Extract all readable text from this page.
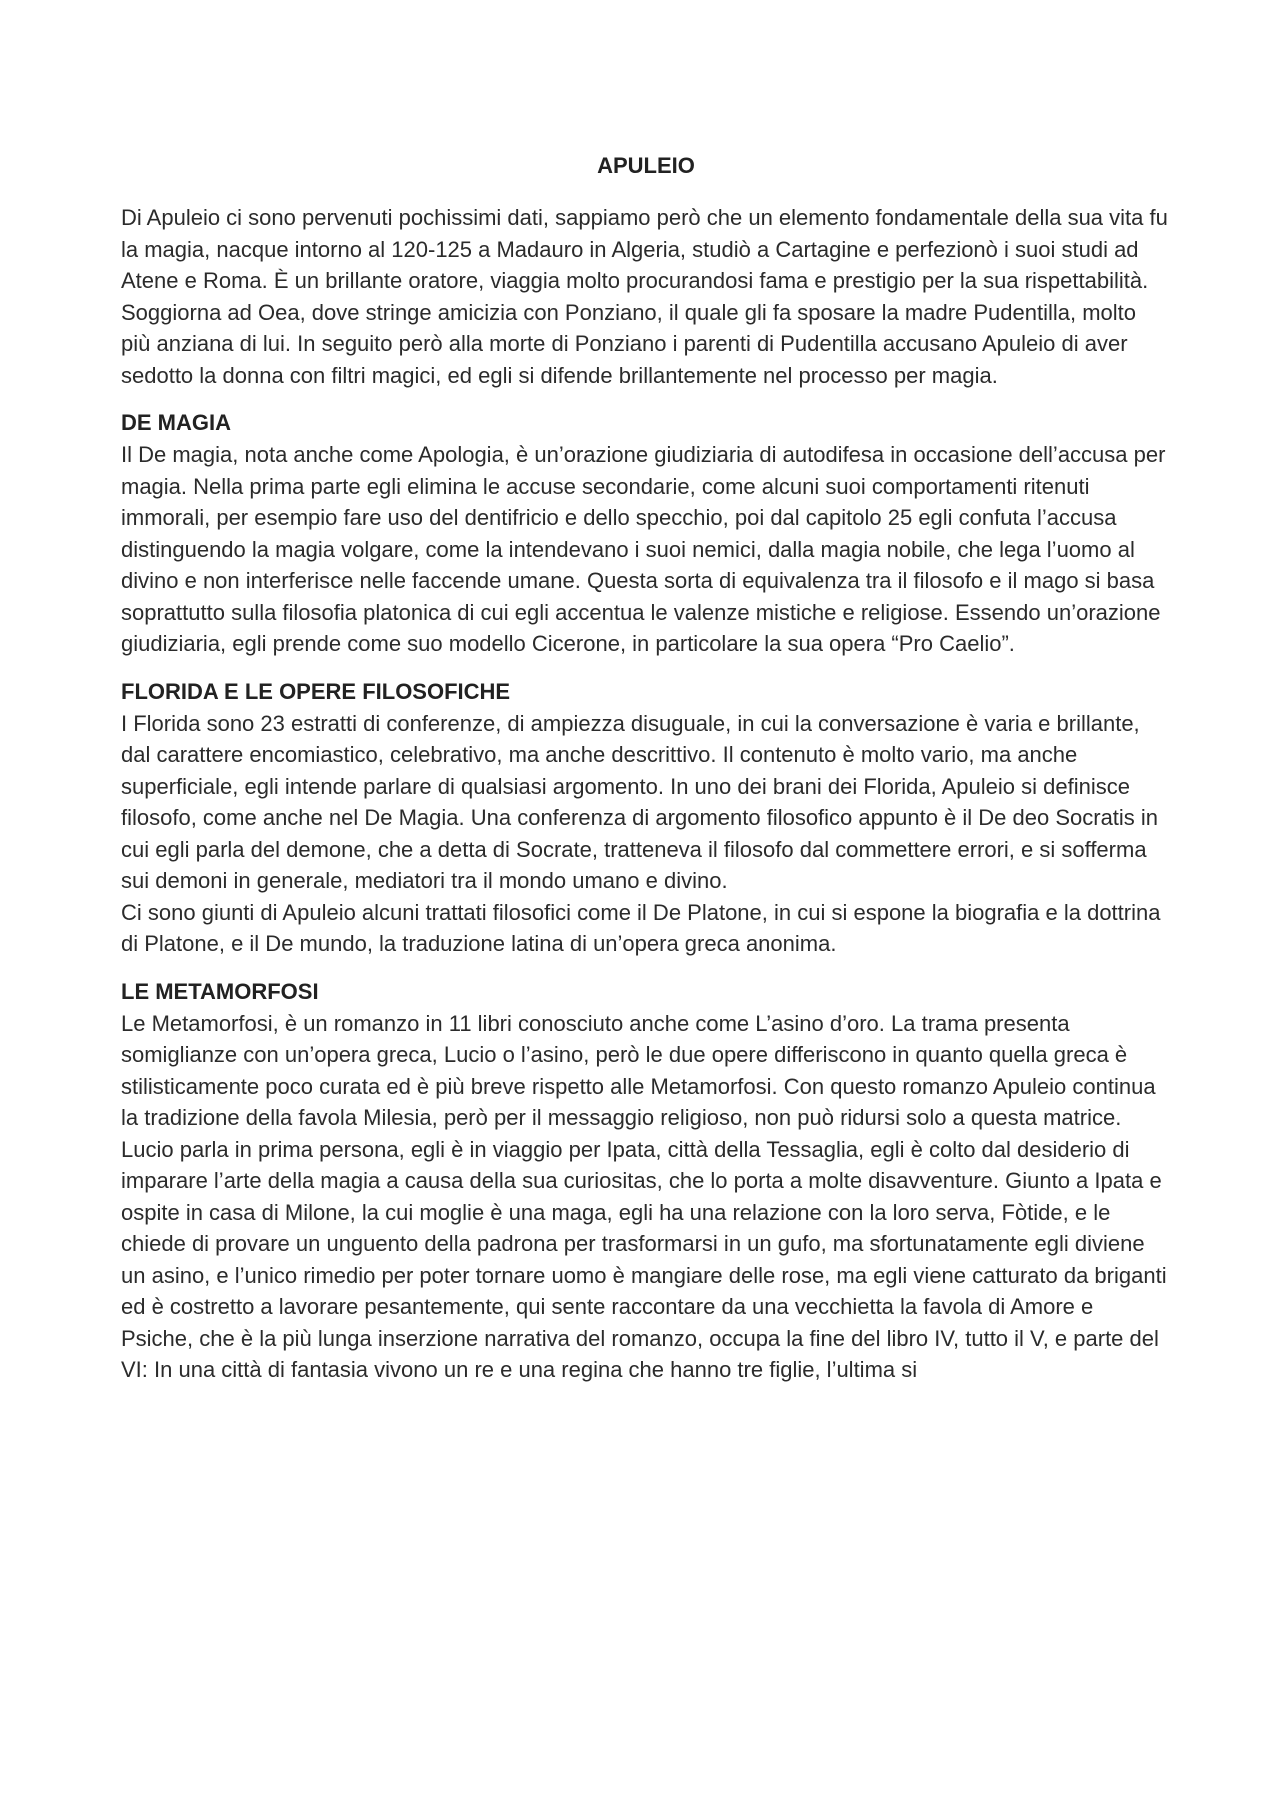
APULEIO

Di Apuleio ci sono pervenuti pochissimi dati, sappiamo però che un elemento fondamentale della sua vita fu la magia, nacque intorno al 120-125 a Madauro in Algeria, studiò a Cartagine e perfezionò i suoi studi ad Atene e Roma. È un brillante oratore, viaggia molto procurandosi fama e prestigio per la sua rispettabilità. Soggiorna ad Oea, dove stringe amicizia con Ponziano, il quale gli fa sposare la madre Pudentilla, molto più anziana di lui. In seguito però alla morte di Ponziano i parenti di Pudentilla accusano Apuleio di aver sedotto la donna con filtri magici, ed egli si difende brillantemente nel processo per magia.

DE MAGIA

Il De magia, nota anche come Apologia, è un’orazione giudiziaria di autodifesa in occasione dell’accusa per magia. Nella prima parte egli elimina le accuse secondarie, come alcuni suoi comportamenti ritenuti immorali, per esempio fare uso del dentifricio e dello specchio, poi dal capitolo 25 egli confuta l’accusa distinguendo la magia volgare, come la intendevano i suoi nemici, dalla magia nobile, che lega l’uomo al divino e non interferisce nelle faccende umane. Questa sorta di equivalenza tra il filosofo e il mago si basa soprattutto sulla filosofia platonica di cui egli accentua le valenze mistiche e religiose. Essendo un’orazione giudiziaria, egli prende come suo modello Cicerone, in particolare la sua opera “Pro Caelio”.

FLORIDA E LE OPERE FILOSOFICHE

I Florida sono 23 estratti di conferenze, di ampiezza disuguale, in cui la conversazione è varia e brillante, dal carattere encomiastico, celebrativo, ma anche descrittivo. Il contenuto è molto vario, ma anche superficiale, egli intende parlare di qualsiasi argomento. In uno dei brani dei Florida, Apuleio si definisce filosofo, come anche nel De Magia. Una conferenza di argomento filosofico appunto è il De deo Socratis in cui egli parla del demone, che a detta di Socrate, tratteneva il filosofo dal commettere errori, e si sofferma sui demoni in generale, mediatori tra il mondo umano e divino.

Ci sono giunti di Apuleio alcuni trattati filosofici come il De Platone, in cui si espone la biografia e la dottrina di Platone, e il De mundo, la traduzione latina di un’opera greca anonima.

LE METAMORFOSI

Le Metamorfosi, è un romanzo in 11 libri conosciuto anche come L’asino d’oro. La trama presenta somiglianze con un’opera greca, Lucio o l’asino, però le due opere differiscono in quanto quella greca è stilisticamente poco curata ed è più breve rispetto alle Metamorfosi. Con questo romanzo Apuleio continua la tradizione della favola Milesia, però per il messaggio religioso, non può ridursi solo a questa matrice. Lucio parla in prima persona, egli è in viaggio per Ipata, città della Tessaglia, egli è colto dal desiderio di imparare l’arte della magia a causa della sua curiositas, che lo porta a molte disavventure. Giunto a Ipata e ospite in casa di Milone, la cui moglie è una maga, egli ha una relazione con la loro serva, Fòtide, e le chiede di provare un unguento della padrona per trasformarsi in un gufo, ma sfortunatamente egli diviene un asino, e l’unico rimedio per poter tornare uomo è mangiare delle rose, ma egli viene catturato da briganti ed è costretto a lavorare pesantemente, qui sente raccontare da una vecchietta la favola di Amore e Psiche, che è la più lunga inserzione narrativa del romanzo, occupa la fine del libro IV, tutto il V, e parte del VI: In una città di fantasia vivono un re e una regina che hanno tre figlie, l’ultima si
